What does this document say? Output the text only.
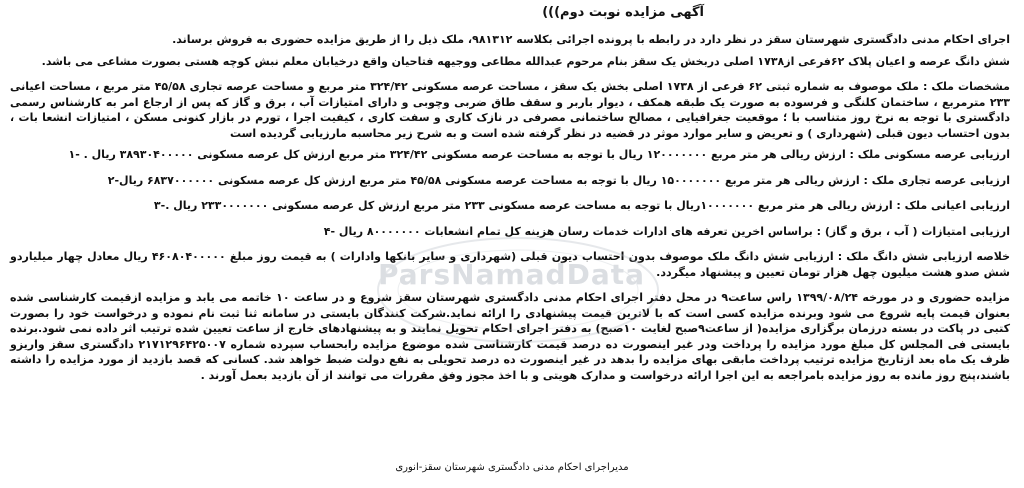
آگهی مزایده نوبت دوم)))

اجرای احکام مدنی دادگستری شهرستان سقز در نظر دارد در رابطه با پرونده اجرائی بکلاسه ۹۸۱۳۱۲، ملک ذیل را از طریق مزایده حضوری به فروش برساند.

شش دانگ عرصه و اعیان پلاک ۶۲فرعی از۱۷۳۸ اصلی دربخش یک سقز بنام مرحوم عبدالله مطاعی ووجیهه فتاحیان واقع درخیابان معلم نبش کوچه هستی بصورت مشاعی می باشد.

مشخصات ملک : ملک موصوف به شماره ثبتی ۶۲ فرعی از ۱۷۳۸ اصلی بخش یک سقز ، مساحت عرصه مسکونی ۳۲۴/۴۲ متر مربع و مساحت عرصه تجاری ۴۵/۵۸ متر مربع ، مساحت اعیانی ۲۳۳ مترمربع ، ساختمان کلنگی و فرسوده به صورت یک طبقه همکف ، دیوار باربر و سقف طاق ضربی وچوبی و دارای امتیازات آب ، برق و گاز که پس از ارجاع امر به کارشناس رسمی دادگستری با توجه به نرخ روز متناسب با ؛ موقعیت جغرافیایی ، مصالح ساختمانی مصرفی در نازک کاری و سفت کاری ، کیفیت اجرا ، تورم در بازار کنونی مسکن ، امتیازات انشعا بات ، بدون احتساب دیون قبلی (شهرداری ) و تعریض و سایر موارد موثر در قضیه در نظر گرفته شده است و به شرح زیر محاسبه مارزیابی گردیده است

ارزیابی عرصه مسکونی ملک : ارزش ریالی هر متر مربع ۱۲۰۰۰۰۰۰۰ ریال با توجه به مساحت عرصه مسکونی ۳۲۴/۴۲ متر مربع ارزش کل عرصه مسکونی ۳۸۹۳۰۴۰۰۰۰۰ ریال . -۱

ارزیابی عرصه تجاری ملک : ارزش ریالی هر متر مربع ۱۵۰۰۰۰۰۰۰ ریال با توجه به مساحت عرصه مسکونی ۴۵/۵۸ متر مربع ارزش کل عرصه مسکونی ۶۸۳۷۰۰۰۰۰۰ ریال-۲

ارزیابی اعیانی ملک : ارزش ریالی هر متر مربع ۱۰۰۰۰۰۰۰ریال با توجه به مساحت عرصه مسکونی ۲۳۳ متر مربع ارزش کل عرصه مسکونی ۲۳۳۰۰۰۰۰۰۰ ریال .-۳

ارزیابی امتیازات ( آب ، برق و گاز) : براساس اخرین تعرفه های ادارات خدمات رسان هزینه کل تمام انشعابات ۸۰۰۰۰۰۰۰ ریال -۴

خلاصه ارزیابی شش دانگ ملک : ارزیابی شش دانگ ملک موصوف بدون احتساب دیون قبلی (شهرداری و سایر بانکها وادارات ) به قیمت روز مبلغ ۴۶۰۸۰۴۰۰۰۰۰ ریال معادل چهار میلیاردو شش صدو هشت میلیون چهل هزار تومان تعیین و پیشنهاد میگردد.

مزایده حضوری و در مورخه ۱۳۹۹/۰۸/۲۴ راس ساعت۹ در محل دفتر اجرای احکام مدنی دادگستری شهرستان سقز شروع و در ساعت ۱۰ خاتمه می یابد و مزایده ازقیمت کارشناسی شده بعنوان قیمت پایه شروع می شود وبرنده مزایده کسی است که با لاترین قیمت پیشنهادی را ارائه نماید.شرکت کنندگان بایستی در سامانه ثنا ثبت نام نموده و درخواست خود را بصورت کتبی در پاکت در بسته درزمان برگزاری مزایده( از ساعت۹صبح لغایت ۱۰صبح) به دفتر اجرای احکام تحویل نمایند و به پیشنهادهای خارج از ساعت تعیین شده ترتیب اثر داده نمی شود.برنده بایستی فی المجلس کل مبلغ مورد مزایده را پرداخت ودر غیر اینصورت ده درصد قیمت کارشناسی شده موضوع مزایده رابحساب سپرده شماره ۲۱۷۱۲۹۶۴۲۵۰۰۷ دادگستری سقز واریزو ظرف یک ماه بعد ازتاریخ مزایده ترتیب پرداخت مابقی بهای مزایده را بدهد در غیر اینصورت ده درصد تحویلی به نفع دولت ضبط خواهد شد. کسانی که قصد بازدید از مورد مزایده را داشته باشند،پنج روز مانده به روز مزایده بامراجعه به این اجرا ارائه درخواست و مدارک هویتی و با اخذ مجوز وفق مقررات می توانند از آن بازدید بعمل آورند .

ParsNamadData
مدیراجرای احکام مدنی دادگستری شهرستان سقز-انوری
